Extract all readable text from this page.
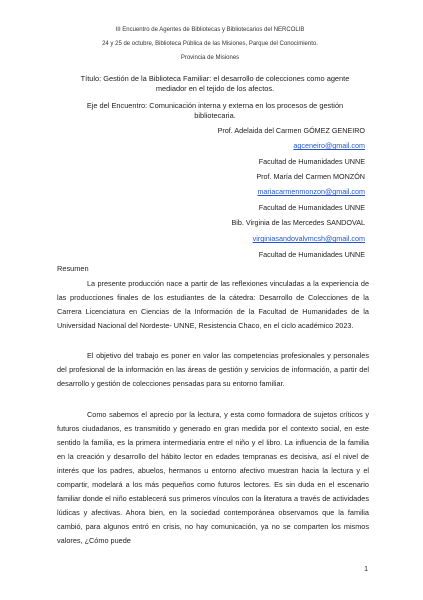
III Encuentro de Agentes de Bibliotecas y Bibliotecarios del NERCOLIB
24 y 25 de octubre, Biblioteca Pública de las Misiones, Parque del Conocimiento.
Provincia de Misiones
Título: Gestión de la Biblioteca Familiar: el desarrollo de colecciones como agente mediador en el tejido de los afectos.
Eje del Encuentro: Comunicación interna y externa en los procesos de gestión bibliotecaria.
Prof. Adelaida del Carmen GÓMEZ GENEIRO
agceneiro@gmail.com
Facultad de Humanidades UNNE
Prof. María del Carmen MONZÓN
mariacarmenmonzon@gmail.com
Facultad de Humanidades UNNE
Bib. Virginia de las Mercedes SANDOVAL
virginiasandovalvmcsh@gmail.com
Facultad de Humanidades UNNE
Resumen
La presente producción nace a partir de las reflexiones vinculadas a la experiencia de las producciones finales de los estudiantes de la cátedra: Desarrollo de Colecciones de la Carrera Licenciatura en Ciencias de la Información de la Facultad de Humanidades de la Universidad Nacional del Nordeste- UNNE, Resistencia Chaco, en el ciclo académico 2023.
El objetivo del trabajo es poner en valor las competencias profesionales y personales del profesional de la información en las áreas de gestión y servicios de información, a partir del desarrollo y gestión de colecciones pensadas para su entorno familiar.
Como sabemos el aprecio por la lectura, y esta como formadora de sujetos críticos y futuros ciudadanos, es transmitido y generado en gran medida por el contexto social, en este sentido la familia, es la primera intermediaria entre el niño y el libro. La influencia de la familia en la creación y desarrollo del hábito lector en edades tempranas es decisiva, así el nivel de interés que los padres, abuelos, hermanos u entorno afectivo muestran hacia la lectura y el compartir, modelará a los más pequeños como futuros lectores. Es sin duda en el escenario familiar donde el niño establecerá sus primeros vínculos con la literatura a través de actividades lúdicas y afectivas. Ahora bien, en la sociedad contemporánea observamos que la familia cambió, para algunos entró en crisis, no hay comunicación, ya no se comparten los mismos valores, ¿Cómo puede
1
